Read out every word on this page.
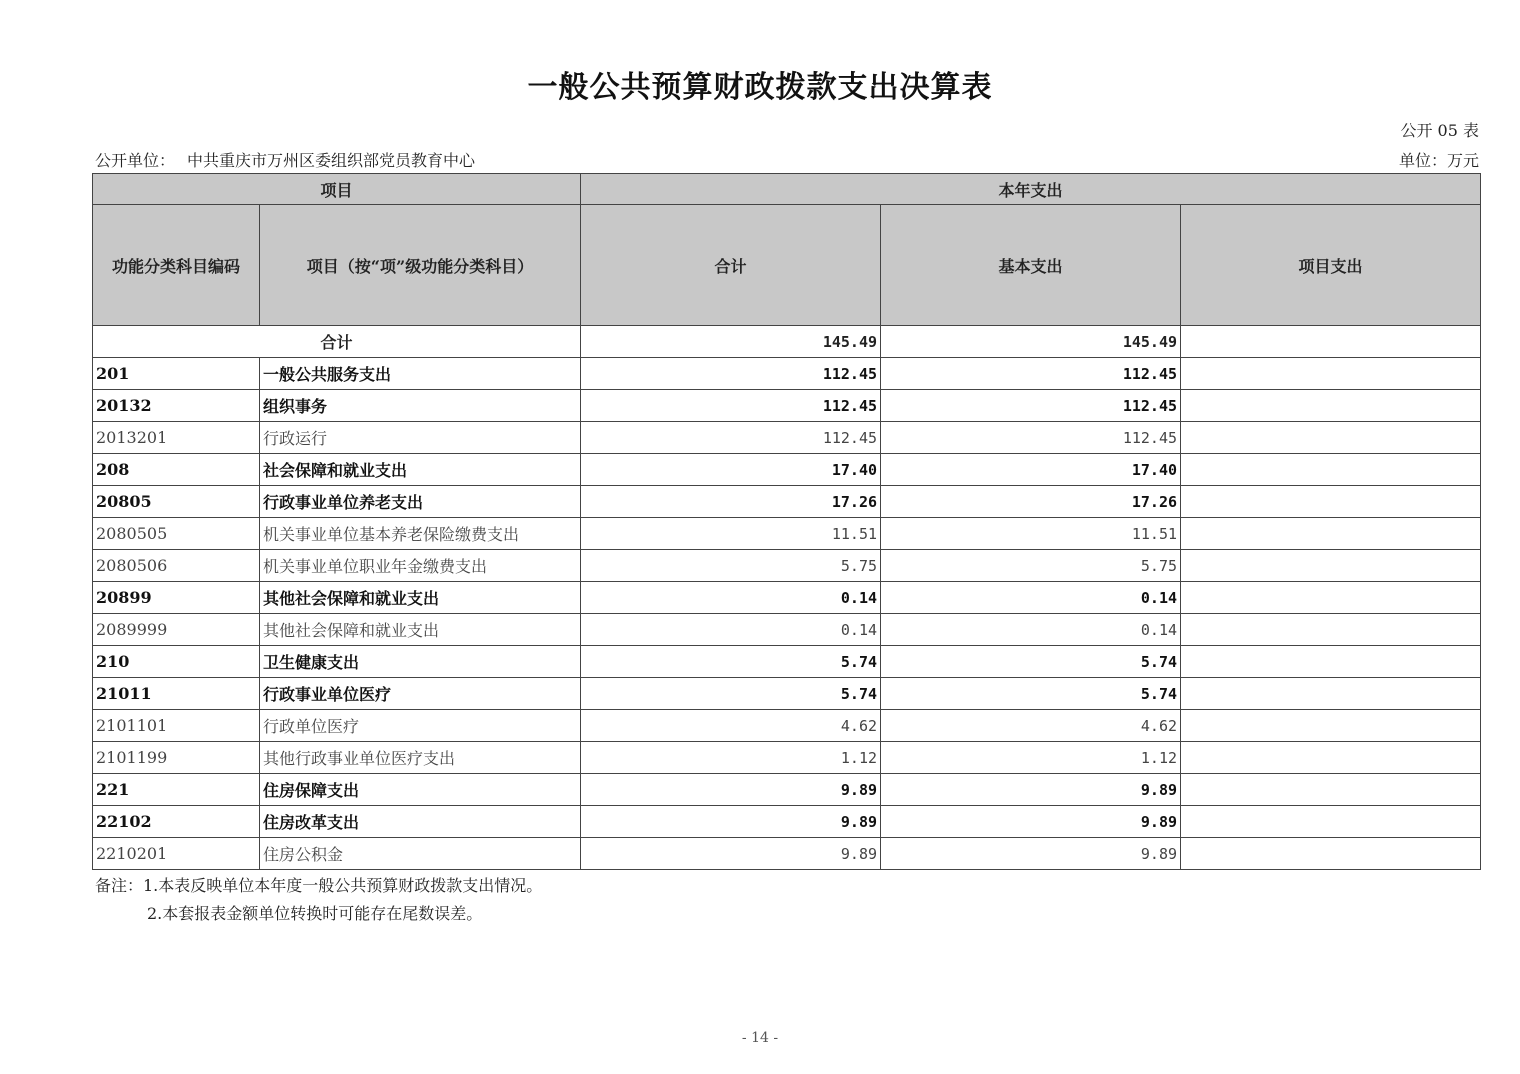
一般公共预算财政拨款支出决算表
公开 05 表
公开单位： 中共重庆市万州区委组织部党员教育中心	单位：万元
项目		本年支出		
功能分类科目编码	项目（按“项”级功能分类科目）	合计	基本支出	项目支出
合计		145.49	145.49	
201	一般公共服务支出	112.45	112.45	
20132	组织事务	112.45	112.45	
2013201	行政运行	112.45	112.45	
208	社会保障和就业支出	17.40	17.40	
20805	行政事业单位养老支出	17.26	17.26	
2080505	机关事业单位基本养老保险缴费支出	11.51	11.51	
2080506	机关事业单位职业年金缴费支出	5.75	5.75	
20899	其他社会保障和就业支出	0.14	0.14	
2089999	其他社会保障和就业支出	0.14	0.14	
210	卫生健康支出	5.74	5.74	
21011	行政事业单位医疗	5.74	5.74	
2101101	行政单位医疗	4.62	4.62	
2101199	其他行政事业单位医疗支出	1.12	1.12	
221	住房保障支出	9.89	9.89	
22102	住房改革支出	9.89	9.89	
2210201	住房公积金	9.89	9.89	
备注：1.本表反映单位本年度一般公共预算财政拨款支出情况。
2.本套报表金额单位转换时可能存在尾数误差。
- 14 -
